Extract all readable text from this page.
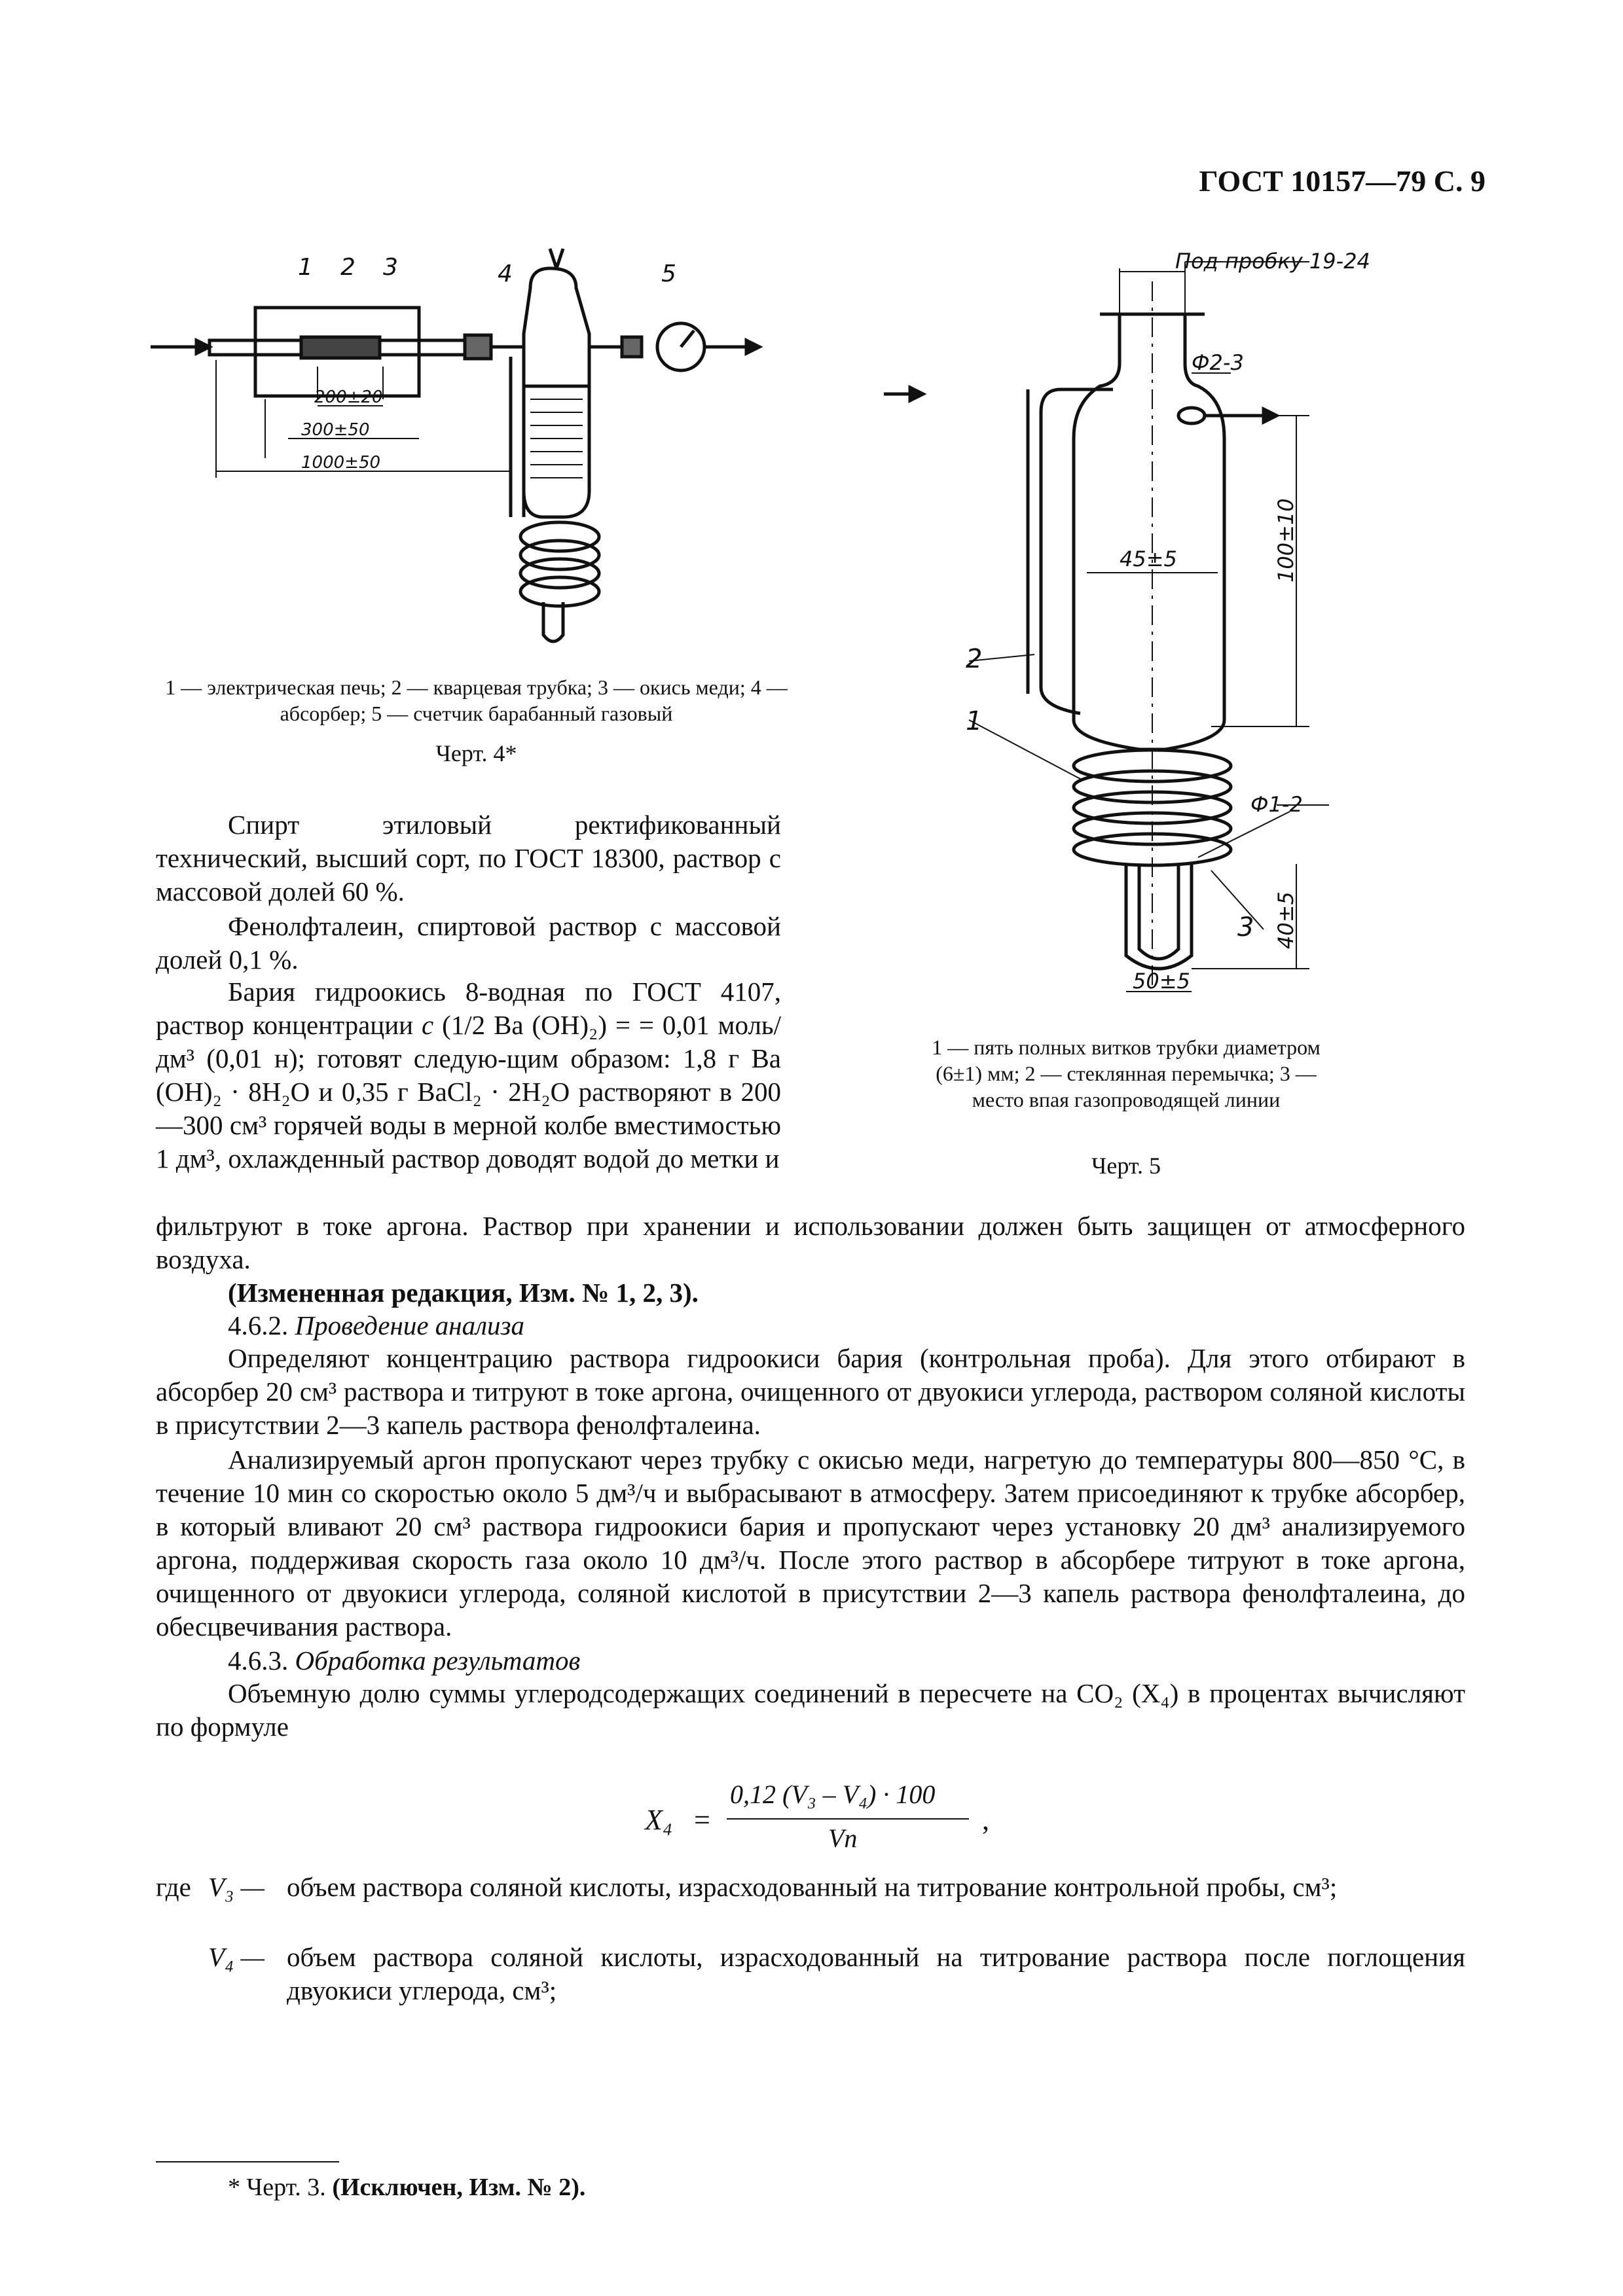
ГОСТ 10157—79 С. 9
1 2 3	4	5
200±20
300±50
1000±50
1 — электрическая печь; 2 — кварцевая трубка; 3 — окись меди; 4 — абсорбер; 5 — счетчик барабанный газовый
Черт. 4*
Под пробку 19-24
Ф2-3
45±5
Ф1-2
50±5
100±10
40±5
2
1
3
1 — пять полных витков трубки диаметром (6±1) мм; 2 — стеклянная перемычка; 3 — место впая газопроводящей линии
Черт. 5
Спирт этиловый ректификованный технический, высший сорт, по ГОСТ 18300, раствор с массовой долей 60 %.
Фенолфталеин, спиртовой раствор с массовой долей 0,1 %.
Бария гидроокись 8-водная по ГОСТ 4107, раствор концентрации c (1/2 Ba (OH)₂) = = 0,01 моль/дм³ (0,01 н); готовят следую-щим образом: 1,8 г Ba (OH)₂ · 8H₂O и 0,35 г BaCl₂ · 2H₂O растворяют в 200—300 см³ горячей воды в мерной колбе вместимостью 1 дм³, охлажденный раствор доводят водой до метки и
фильтруют в токе аргона. Раствор при хранении и использовании должен быть защищен от атмосферного воздуха.
(Измененная редакция, Изм. № 1, 2, 3).
4.6.2. Проведение анализа
Определяют концентрацию раствора гидроокиси бария (контрольная проба). Для этого отбирают в абсорбер 20 см³ раствора и титруют в токе аргона, очищенного от двуокиси углерода, раствором соляной кислоты в присутствии 2—3 капель раствора фенолфталеина.
Анализируемый аргон пропускают через трубку с окисью меди, нагретую до температуры 800—850 °С, в течение 10 мин со скоростью около 5 дм³/ч и выбрасывают в атмосферу. Затем присоединяют к трубке абсорбер, в который вливают 20 см³ раствора гидроокиси бария и пропускают через установку 20 дм³ анализируемого аргона, поддерживая скорость газа около 10 дм³/ч. После этого раствор в абсорбере титруют в токе аргона, очищенного от двуокиси углерода, соляной кислотой в присутствии 2—3 капель раствора фенолфталеина, до обесцвечивания раствора.
4.6.3. Обработка результатов
Объемную долю суммы углеродсодержащих соединений в пересчете на CO₂ (X₄) в процентах вычисляют по формуле
X₄ =
0,12 (V₃ – V₄) · 100
Vп
,
где V₃ — объем раствора соляной кислоты, израсходованный на титрование контрольной пробы, см³;
V₄ — объем раствора соляной кислоты, израсходованный на титрование раствора после поглощения двуокиси углерода, см³;
* Черт. 3. (Исключен, Изм. № 2).
